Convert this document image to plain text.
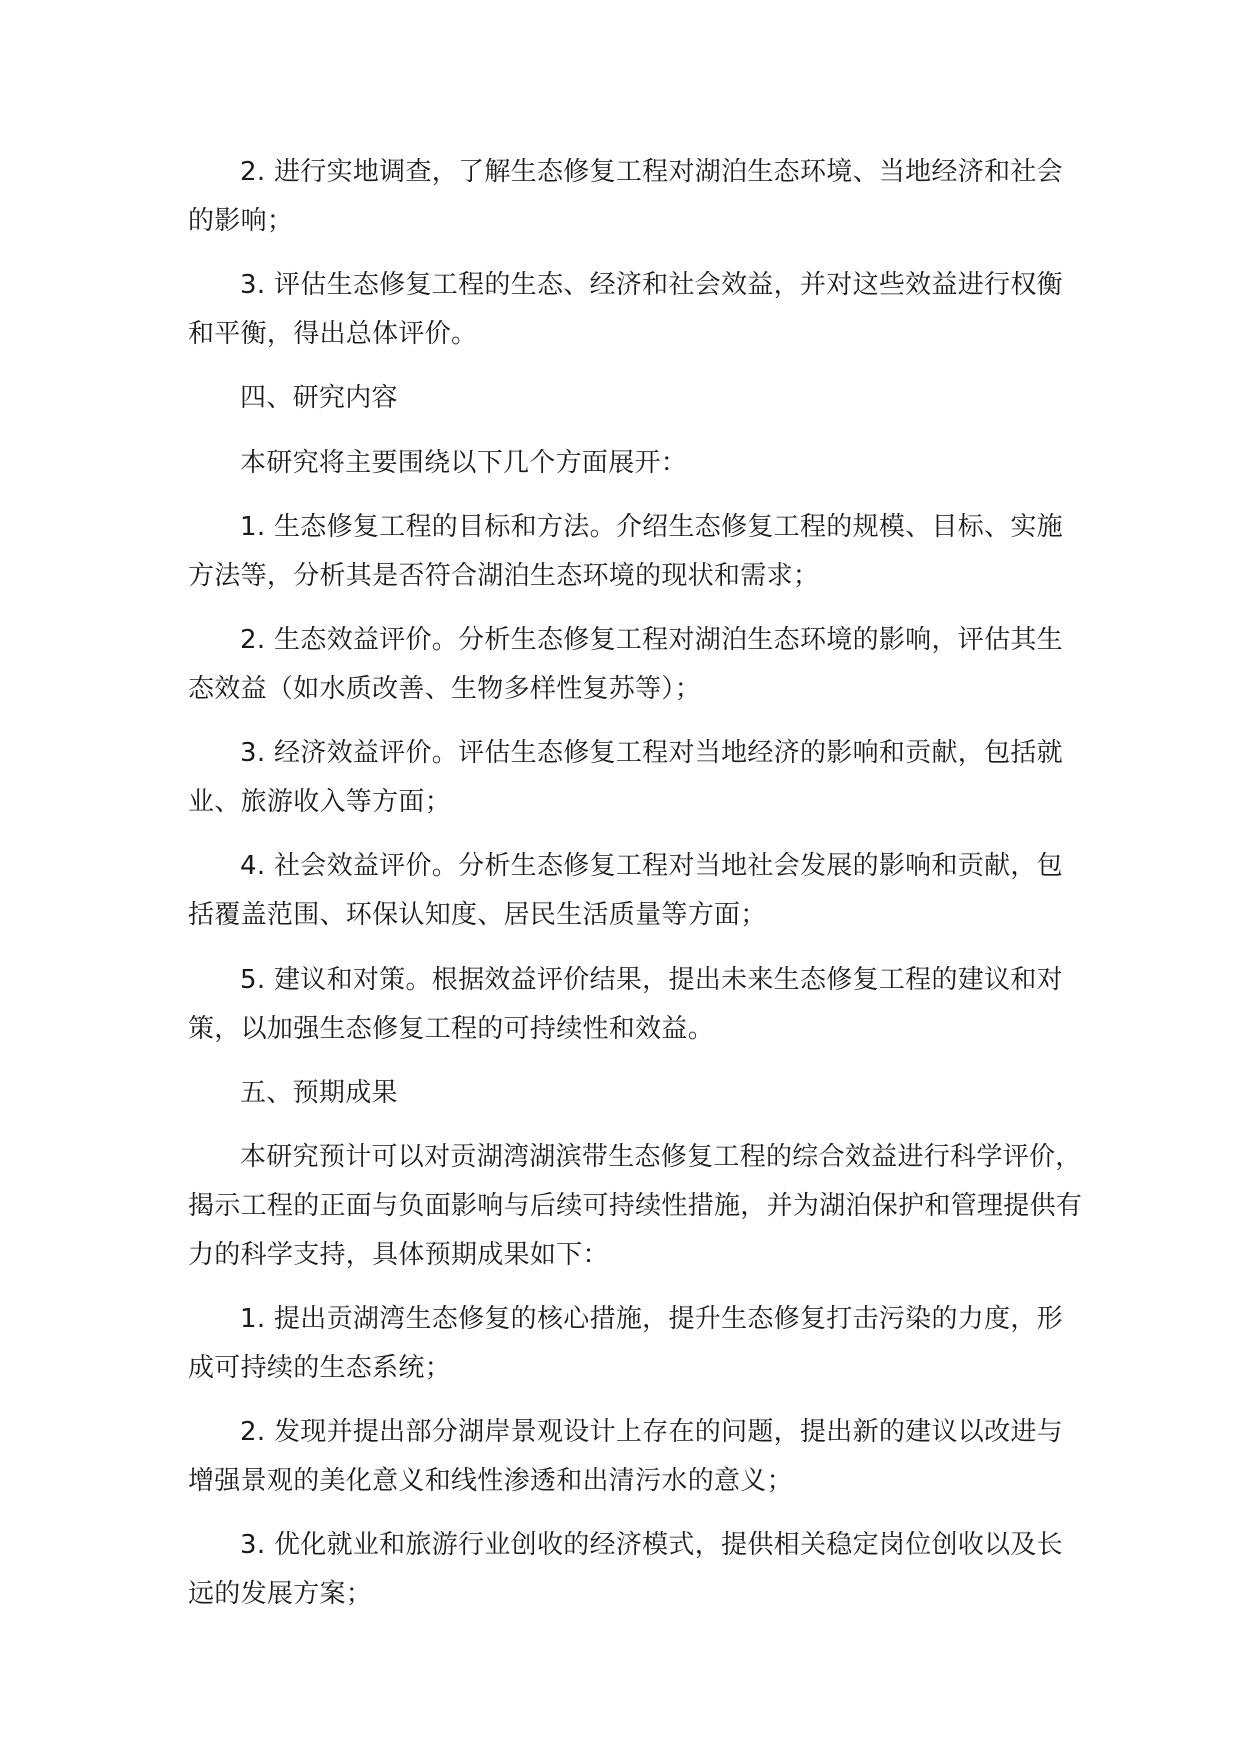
2. 进行实地调查，了解生态修复工程对湖泊生态环境、当地经济和社会的影响；

3. 评估生态修复工程的生态、经济和社会效益，并对这些效益进行权衡和平衡，得出总体评价。

四、研究内容

本研究将主要围绕以下几个方面展开：

1. 生态修复工程的目标和方法。介绍生态修复工程的规模、目标、实施方法等，分析其是否符合湖泊生态环境的现状和需求；

2. 生态效益评价。分析生态修复工程对湖泊生态环境的影响，评估其生态效益（如水质改善、生物多样性复苏等）；

3. 经济效益评价。评估生态修复工程对当地经济的影响和贡献，包括就业、旅游收入等方面；

4. 社会效益评价。分析生态修复工程对当地社会发展的影响和贡献，包括覆盖范围、环保认知度、居民生活质量等方面；

5. 建议和对策。根据效益评价结果，提出未来生态修复工程的建议和对策，以加强生态修复工程的可持续性和效益。

五、预期成果

本研究预计可以对贡湖湾湖滨带生态修复工程的综合效益进行科学评价，揭示工程的正面与负面影响与后续可持续性措施，并为湖泊保护和管理提供有力的科学支持，具体预期成果如下：

1. 提出贡湖湾生态修复的核心措施，提升生态修复打击污染的力度，形成可持续的生态系统；

2. 发现并提出部分湖岸景观设计上存在的问题，提出新的建议以改进与增强景观的美化意义和线性渗透和出清污水的意义；

3. 优化就业和旅游行业创收的经济模式，提供相关稳定岗位创收以及长远的发展方案；
